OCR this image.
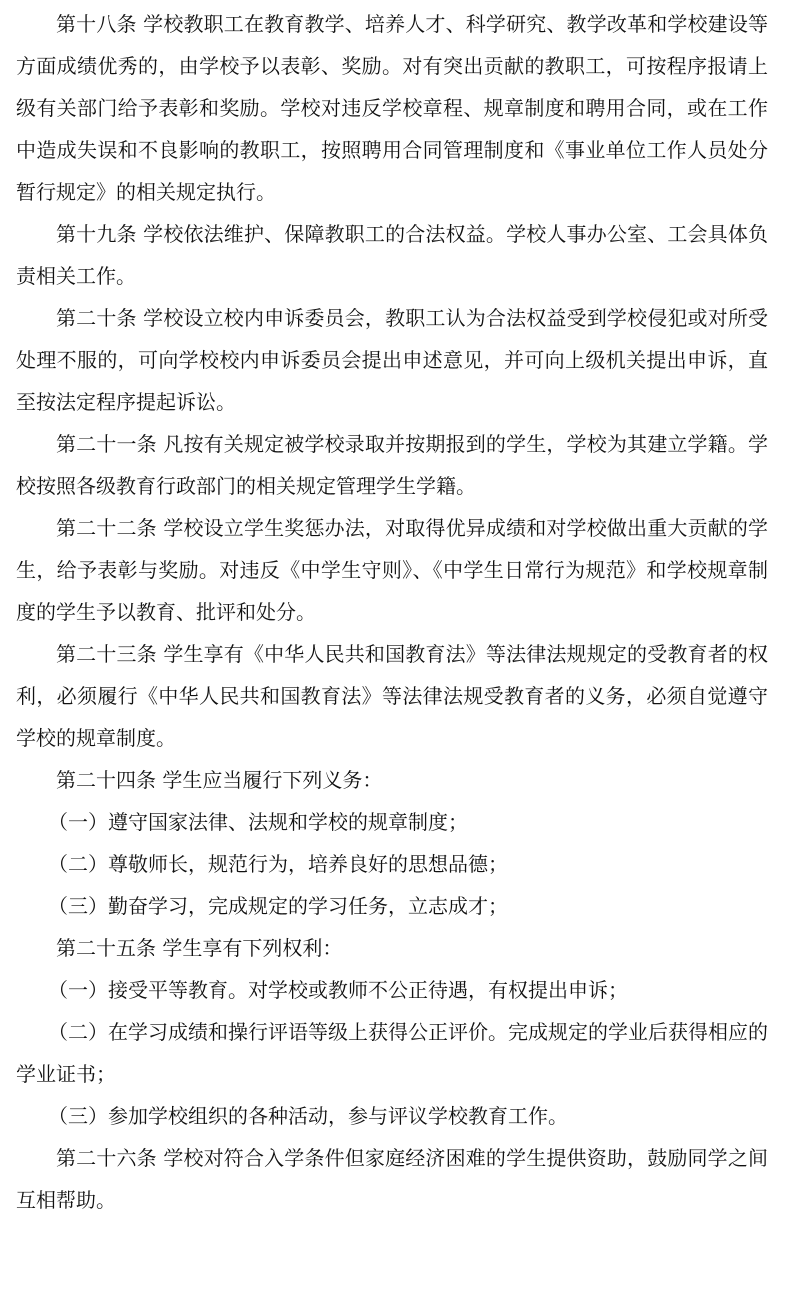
第十八条 学校教职工在教育教学、培养人才、科学研究、教学改革和学校建设等方面成绩优秀的，由学校予以表彰、奖励。对有突出贡献的教职工，可按程序报请上级有关部门给予表彰和奖励。学校对违反学校章程、规章制度和聘用合同，或在工作中造成失误和不良影响的教职工，按照聘用合同管理制度和《事业单位工作人员处分暂行规定》的相关规定执行。

第十九条 学校依法维护、保障教职工的合法权益。学校人事办公室、工会具体负责相关工作。

第二十条 学校设立校内申诉委员会，教职工认为合法权益受到学校侵犯或对所受处理不服的，可向学校校内申诉委员会提出申述意见，并可向上级机关提出申诉，直至按法定程序提起诉讼。

第二十一条 凡按有关规定被学校录取并按期报到的学生，学校为其建立学籍。学校按照各级教育行政部门的相关规定管理学生学籍。

第二十二条 学校设立学生奖惩办法，对取得优异成绩和对学校做出重大贡献的学生，给予表彰与奖励。对违反《中学生守则》、《中学生日常行为规范》和学校规章制度的学生予以教育、批评和处分。

第二十三条 学生享有《中华人民共和国教育法》等法律法规规定的受教育者的权利，必须履行《中华人民共和国教育法》等法律法规受教育者的义务，必须自觉遵守学校的规章制度。

第二十四条 学生应当履行下列义务：

（一）遵守国家法律、法规和学校的规章制度；

（二）尊敬师长，规范行为，培养良好的思想品德；

（三）勤奋学习，完成规定的学习任务，立志成才；

第二十五条 学生享有下列权利：

（一）接受平等教育。对学校或教师不公正待遇，有权提出申诉；

（二）在学习成绩和操行评语等级上获得公正评价。完成规定的学业后获得相应的学业证书；

（三）参加学校组织的各种活动，参与评议学校教育工作。

第二十六条 学校对符合入学条件但家庭经济困难的学生提供资助，鼓励同学之间互相帮助。
